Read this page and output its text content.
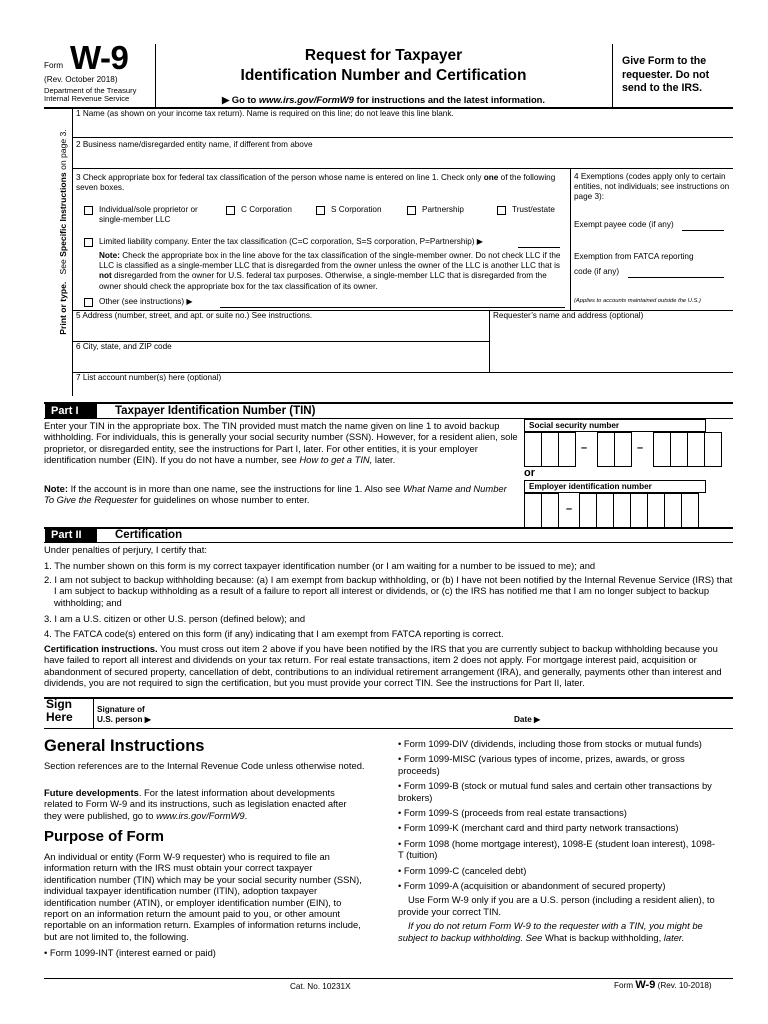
Form W-9
(Rev. October 2018)
Department of the Treasury
Internal Revenue Service
Request for Taxpayer
Identification Number and Certification
▶ Go to www.irs.gov/FormW9 for instructions and the latest information.
Give Form to the requester. Do not send to the IRS.
Print or type.   See Specific Instructions on page 3.
1 Name (as shown on your income tax return). Name is required on this line; do not leave this line blank.
2 Business name/disregarded entity name, if different from above
3 Check appropriate box for federal tax classification of the person whose name is entered on line 1. Check only one of the following seven boxes.
Individual/sole proprietor or single-member LLC
C Corporation	S Corporation	Partnership	Trust/estate
Limited liability company. Enter the tax classification (C=C corporation, S=S corporation, P=Partnership) ▶
Note: Check the appropriate box in the line above for the tax classification of the single-member owner. Do not check LLC if the LLC is classified as a single-member LLC that is disregarded from the owner unless the owner of the LLC is another LLC that is not disregarded from the owner for U.S. federal tax purposes. Otherwise, a single-member LLC that is disregarded from the owner should check the appropriate box for the tax classification of its owner.
Other (see instructions) ▶
4 Exemptions (codes apply only to certain entities, not individuals; see instructions on page 3):
Exempt payee code (if any)
Exemption from FATCA reporting
code (if any)
(Applies to accounts maintained outside the U.S.)
5 Address (number, street, and apt. or suite no.) See instructions.	Requester’s name and address (optional)
6 City, state, and ZIP code
7 List account number(s) here (optional)
Part I	Taxpayer Identification Number (TIN)
Enter your TIN in the appropriate box. The TIN provided must match the name given on line 1 to avoid backup withholding. For individuals, this is generally your social security number (SSN). However, for a resident alien, sole proprietor, or disregarded entity, see the instructions for Part I, later. For other entities, it is your employer identification number (EIN). If you do not have a number, see How to get a TIN, later.
Note: If the account is in more than one name, see the instructions for line 1. Also see What Name and Number To Give the Requester for guidelines on whose number to enter.
Social security number
–	–
or
Employer identification number
–
Part II	Certification
Under penalties of perjury, I certify that:
1. The number shown on this form is my correct taxpayer identification number (or I am waiting for a number to be issued to me); and
2. I am not subject to backup withholding because: (a) I am exempt from backup withholding, or (b) I have not been notified by the Internal Revenue Service (IRS) that I am subject to backup withholding as a result of a failure to report all interest or dividends, or (c) the IRS has notified me that I am no longer subject to backup withholding; and
3. I am a U.S. citizen or other U.S. person (defined below); and
4. The FATCA code(s) entered on this form (if any) indicating that I am exempt from FATCA reporting is correct.
Certification instructions. You must cross out item 2 above if you have been notified by the IRS that you are currently subject to backup withholding because you have failed to report all interest and dividends on your tax return. For real estate transactions, item 2 does not apply. For mortgage interest paid, acquisition or abandonment of secured property, cancellation of debt, contributions to an individual retirement arrangement (IRA), and generally, payments other than interest and dividends, you are not required to sign the certification, but you must provide your correct TIN. See the instructions for Part II, later.
Sign
Here
Signature of
U.S. person ▶	Date ▶
General Instructions
Section references are to the Internal Revenue Code unless otherwise noted.
Future developments. For the latest information about developments related to Form W-9 and its instructions, such as legislation enacted after they were published, go to www.irs.gov/FormW9.
Purpose of Form
An individual or entity (Form W-9 requester) who is required to file an information return with the IRS must obtain your correct taxpayer identification number (TIN) which may be your social security number (SSN), individual taxpayer identification number (ITIN), adoption taxpayer identification number (ATIN), or employer identification number (EIN), to report on an information return the amount paid to you, or other amount reportable on an information return. Examples of information returns include, but are not limited to, the following.
• Form 1099-INT (interest earned or paid)
• Form 1099-DIV (dividends, including those from stocks or mutual funds)
• Form 1099-MISC (various types of income, prizes, awards, or gross proceeds)
• Form 1099-B (stock or mutual fund sales and certain other transactions by brokers)
• Form 1099-S (proceeds from real estate transactions)
• Form 1099-K (merchant card and third party network transactions)
• Form 1098 (home mortgage interest), 1098-E (student loan interest), 1098-T (tuition)
• Form 1099-C (canceled debt)
• Form 1099-A (acquisition or abandonment of secured property)
Use Form W-9 only if you are a U.S. person (including a resident alien), to provide your correct TIN.
If you do not return Form W-9 to the requester with a TIN, you might be subject to backup withholding. See What is backup withholding, later.
Cat. No. 10231X	Form W-9 (Rev. 10-2018)
